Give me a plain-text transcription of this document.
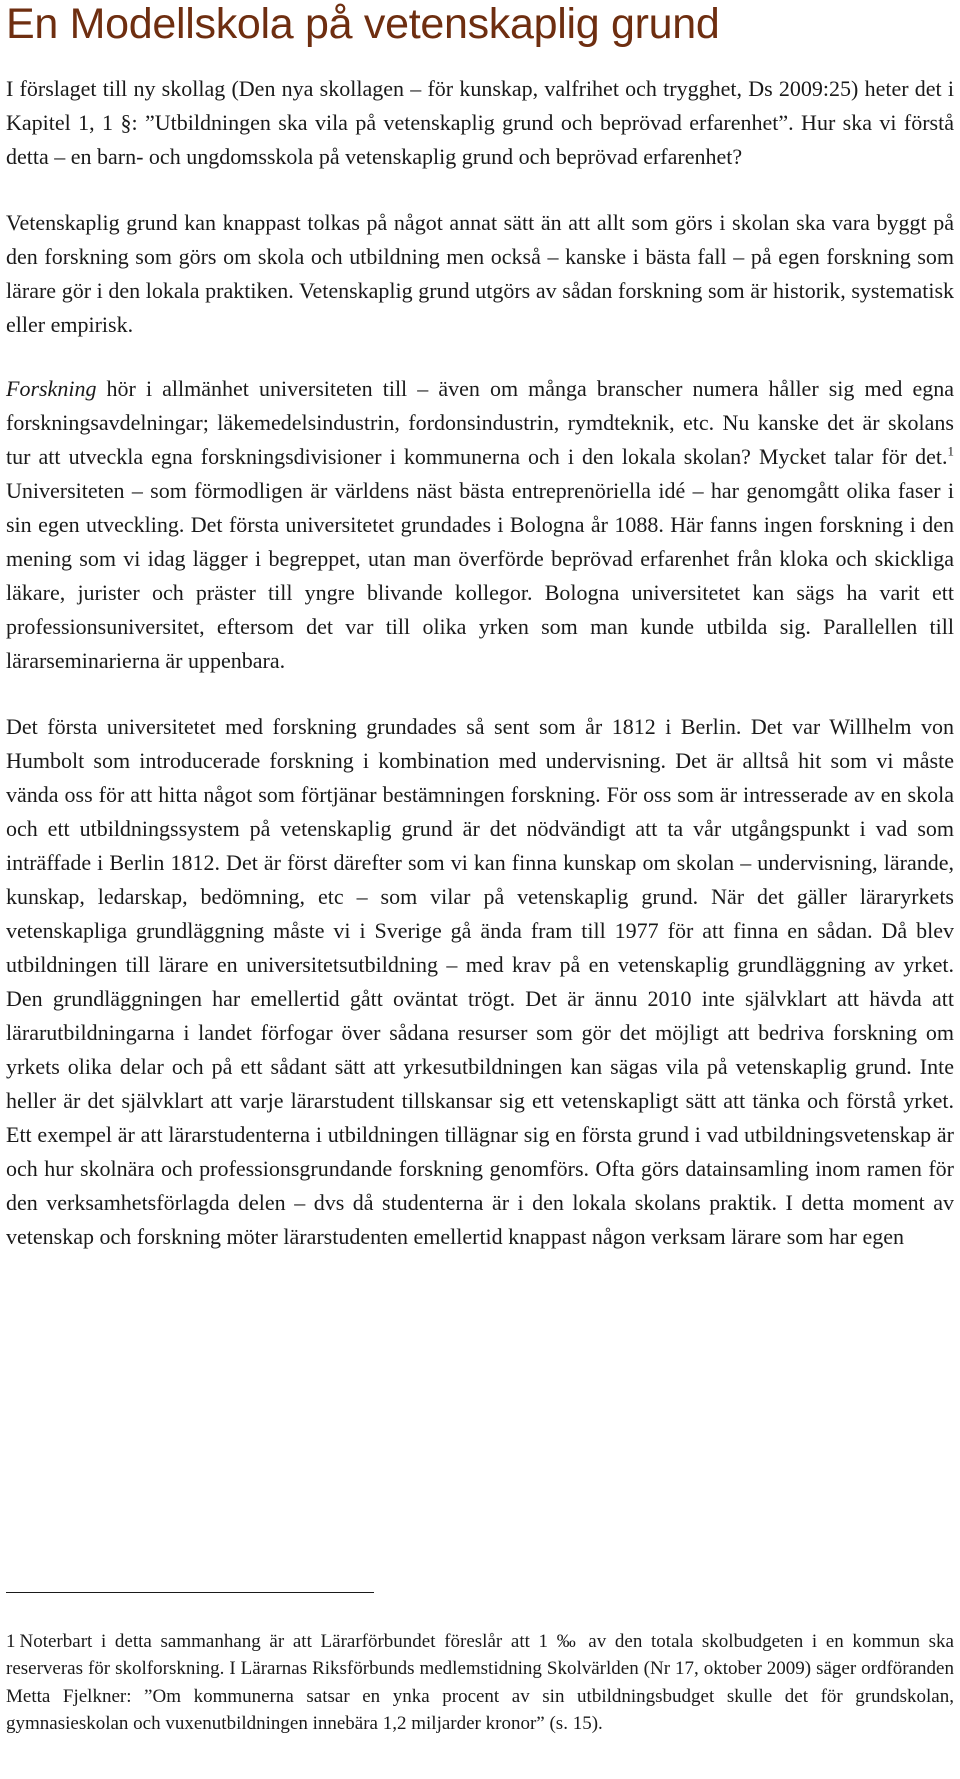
En Modellskola på vetenskaplig grund

I förslaget till ny skollag (Den nya skollagen – för kunskap, valfrihet och trygghet, Ds 2009:25) heter det i Kapitel 1, 1 §: ”Utbildningen ska vila på vetenskaplig grund och beprövad erfarenhet”. Hur ska vi förstå detta – en barn- och ungdomsskola på vetenskaplig grund och beprövad erfarenhet?

Vetenskaplig grund kan knappast tolkas på något annat sätt än att allt som görs i skolan ska vara byggt på den forskning som görs om skola och utbildning men också – kanske i bästa fall – på egen forskning som lärare gör i den lokala praktiken. Vetenskaplig grund utgörs av sådan forskning som är historik, systematisk eller empirisk.

Forskning hör i allmänhet universiteten till – även om många branscher numera håller sig med egna forskningsavdelningar; läkemedelsindustrin, fordonsindustrin, rymdteknik, etc. Nu kanske det är skolans tur att utveckla egna forskningsdivisioner i kommunerna och i den lokala skolan? Mycket talar för det.$^1$ Universiteten – som förmodligen är världens näst bästa entreprenöriella idé – har genomgått olika faser i sin egen utveckling. Det första universitetet grundades i Bologna år 1088. Här fanns ingen forskning i den mening som vi idag lägger i begreppet, utan man överförde beprövad erfarenhet från kloka och skickliga läkare, jurister och präster till yngre blivande kollegor. Bologna universitetet kan sägs ha varit ett professionsuniversitet, eftersom det var till olika yrken som man kunde utbilda sig. Parallellen till lärarseminarierna är uppenbara.

Det första universitetet med forskning grundades så sent som år 1812 i Berlin. Det var Willhelm von Humbolt som introducerade forskning i kombination med undervisning. Det är alltså hit som vi måste vända oss för att hitta något som förtjänar bestämningen forskning. För oss som är intresserade av en skola och ett utbildningssystem på vetenskaplig grund är det nödvändigt att ta vår utgångspunkt i vad som inträffade i Berlin 1812. Det är först därefter som vi kan finna kunskap om skolan – undervisning, lärande, kunskap, ledarskap, bedömning, etc – som vilar på vetenskaplig grund. När det gäller läraryrkets vetenskapliga grundläggning måste vi i Sverige gå ända fram till 1977 för att finna en sådan. Då blev utbildningen till lärare en universitetsutbildning – med krav på en vetenskaplig grundläggning av yrket. Den grundläggningen har emellertid gått oväntat trögt. Det är ännu 2010 inte självklart att hävda att lärarutbildningarna i landet förfogar över sådana resurser som gör det möjligt att bedriva forskning om yrkets olika delar och på ett sådant sätt att yrkesutbildningen kan sägas vila på vetenskaplig grund. Inte heller är det självklart att varje lärarstudent tillskansar sig ett vetenskapligt sätt att tänka och förstå yrket. Ett exempel är att lärarstudenterna i utbildningen tillägnar sig en första grund i vad utbildningsvetenskap är och hur skolnära och professionsgrundande forskning genomförs. Ofta görs datainsamling inom ramen för den verksamhetsförlagda delen – dvs då studenterna är i den lokala skolans praktik. I detta moment av vetenskap och forskning möter lärarstudenten emellertid knappast någon verksam lärare som har egen

1 Noterbart i detta sammanhang är att Lärarförbundet föreslår att 1 ‰ av den totala skolbudgeten i en kommun ska reserveras för skolforskning. I Lärarnas Riksförbunds medlemstidning Skolvärlden (Nr 17, oktober 2009) säger ordföranden Metta Fjelkner: ”Om kommunerna satsar en ynka procent av sin utbildningsbudget skulle det för grundskolan, gymnasieskolan och vuxenutbildningen innebära 1,2 miljarder kronor” (s. 15).
